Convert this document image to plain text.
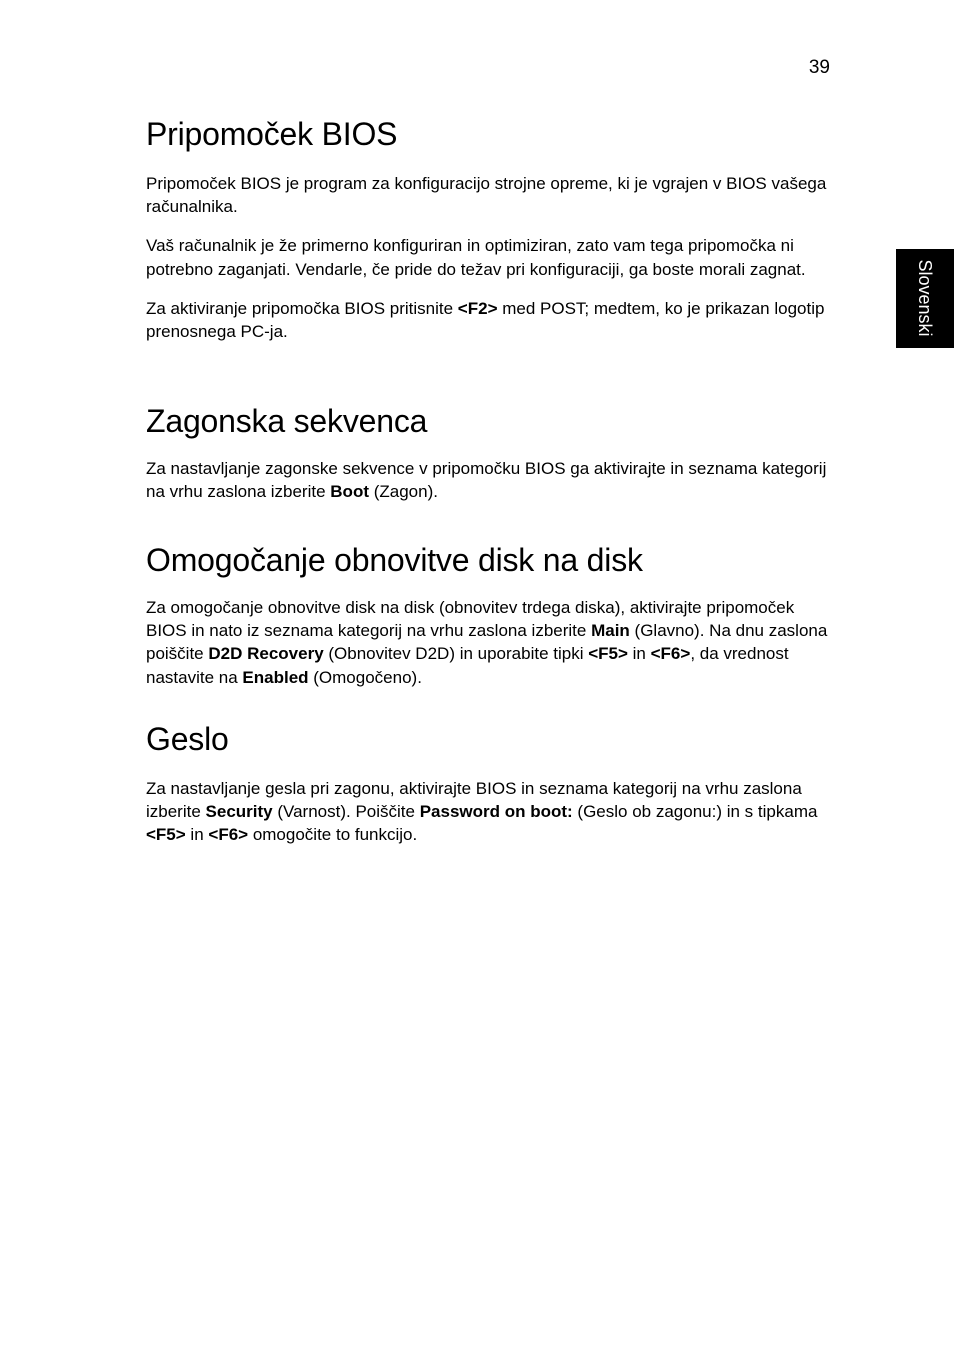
39
Slovenski
Pripomoček BIOS

Pripomoček BIOS je program za konfiguracijo strojne opreme, ki je vgrajen v BIOS vašega računalnika.

Vaš računalnik je že primerno konfiguriran in optimiziran, zato vam tega pripomočka ni potrebno zaganjati. Vendarle, če pride do težav pri konfiguraciji, ga boste morali zagnat.

Za aktiviranje pripomočka BIOS pritisnite <F2> med POST; medtem, ko je prikazan logotip prenosnega PC-ja.

Zagonska sekvenca

Za nastavljanje zagonske sekvence v pripomočku BIOS ga aktivirajte in seznama kategorij na vrhu zaslona izberite Boot (Zagon).

Omogočanje obnovitve disk na disk

Za omogočanje obnovitve disk na disk (obnovitev trdega diska), aktivirajte pripomoček BIOS in nato iz seznama kategorij na vrhu zaslona izberite Main (Glavno). Na dnu zaslona poiščite D2D Recovery (Obnovitev D2D) in uporabite tipki <F5> in <F6>, da vrednost nastavite na Enabled (Omogočeno).

Geslo

Za nastavljanje gesla pri zagonu, aktivirajte BIOS in seznama kategorij na vrhu zaslona izberite Security (Varnost). Poiščite Password on boot: (Geslo ob zagonu:) in s tipkama <F5> in <F6> omogočite to funkcijo.
